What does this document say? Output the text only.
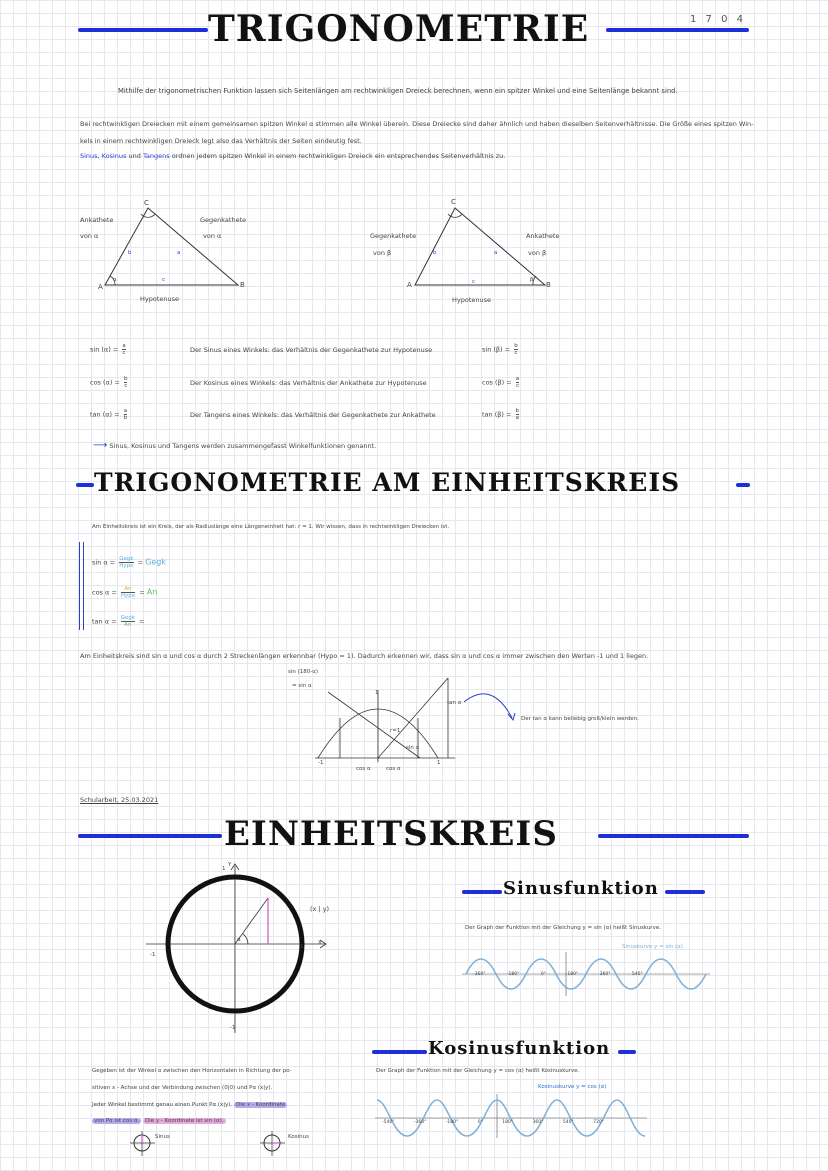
TRIGONOMETRIE	1 7 0 4
Mithilfe der trigonometrischen Funktion lassen sich Seitenlängen am rechtwinkligen Dreieck berechnen, wenn ein spitzer Winkel und eine Seitenlänge bekannt sind.
Bei rechtwinkligen Dreiecken mit einem gemeinsamen spitzen Winkel α stimmen alle Winkel überein. Diese Dreiecke sind daher ähnlich und haben dieselben Seitenverhältnisse. Die Größe eines spitzen Win-
kels in einem rechtwinkligen Dreieck legt also das Verhältnis der Seiten eindeutig fest.
Sinus, Kosinus und Tangens ordnen jedem spitzen Winkel in einem rechtwinkligen Dreieck ein entsprechendes Seitenverhältnis zu.
Ankathete
von α
Gegenkathete
von α
Hypotenuse
A	B
C
b	a
c
α
Gegenkathete
von β
Ankathete
von β
Hypotenuse
A	B
C
b	a
c	β
$\sin (\alpha) = \frac{a}{c}$	Der Sinus eines Winkels: das Verhältnis der Gegenkathete zur Hypotenuse	$\sin (\beta) = \frac{b}{c}$
$\cos (\alpha) = \frac{b}{c}$	Der Kosinus eines Winkels: das Verhältnis der Ankathete zur Hypotenuse	$\cos (\beta) = \frac{a}{c}$
$\tan (\alpha) = \frac{a}{b}$	Der Tangens eines Winkels: das Verhältnis der Gegenkathete zur Ankathete	$\tan (\beta) = \frac{b}{a}$
⟶ Sinus, Kosinus und Tangens werden zusammengefasst Winkelfunktionen genannt.
TRIGONOMETRIE AM EINHEITSKREIS
Am Einheitskreis ist ein Kreis, der als Radiuslänge eine Längeneinheit hat: r = 1. Wir wissen, dass in rechtwinkligen Dreiecken ist.
$\sin \alpha = \frac{\text{Gegk}}{\text{Hypo}}$ = Gegk
$\cos \alpha = \frac{An}{\text{Hypo}} = An$
$\tan \alpha = \frac{\text{Gegk}}{An}$ =
Am Einheitskreis sind sin α und cos α durch 2 Streckenlängen erkennbar (Hypo = 1). Dadurch erkennen wir, dass sin α und cos α immer zwischen den Werten -1 und 1 liegen.
sin (180-α)
= sin α
tan α
1
-1	1
r=1
sin α
cos α	cos α
Der tan α kann beliebig groß/klein werden.
Schularbeit, 25.03.2021
EINHEITSKREIS
Y
X
(x | y)
1
-1
1
-1
α
Gegeben ist der Winkel α zwischen den Horizontalen in Richtung der po-
sitiven x - Achse und der Verbindung zwischen (0|0) und Pα (x|y).
Jeder Winkel bestimmt genau einen Punkt Pα (x|y). Die x - Koordinate
von Pα ist cos α. Die y - Koordinate ist sin (α).
Sinus	Kosinus
Sinusfunktion
Der Graph der Funktion mit der Gleichung y = sin (α) heißt Sinuskurve.
Sinuskurve y = sin (α)
-360°	-180°	0°	180°	360°	540°
Kosinusfunktion
Der Graph der Funktion mit der Gleichung y = cos (α) heißt Kosinuskurve.
Kosinuskurve y = cos (α)
-540°	-360°	-180°	0°	180°	360°	540°	720°
